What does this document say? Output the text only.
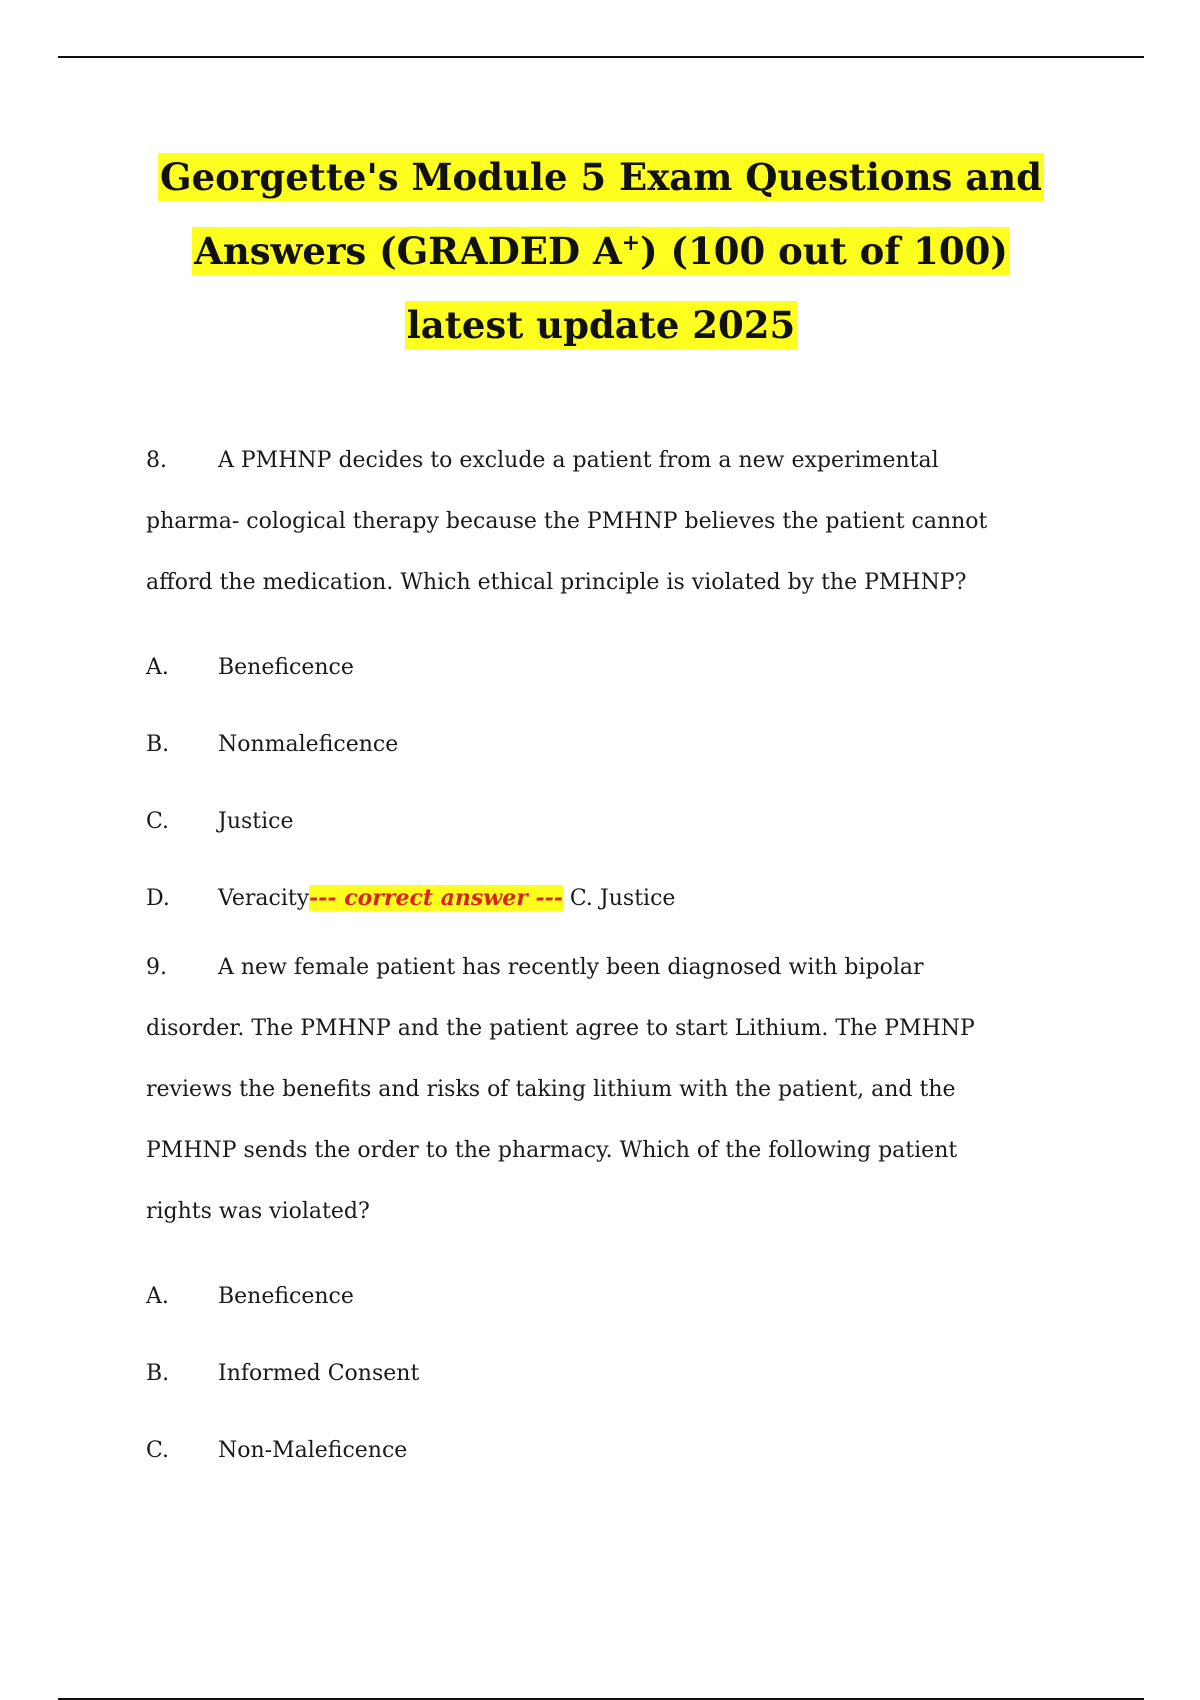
Georgette's Module 5 Exam Questions and
Answers (GRADED A+) (100 out of 100)
latest update 2025

8. A PMHNP decides to exclude a patient from a new experimental

pharma- cological therapy because the PMHNP believes the patient cannot

afford the medication. Which ethical principle is violated by the PMHNP?

A. Beneficence
B. Nonmaleficence
C. Justice
D. Veracity--- correct answer --- C. Justice

9. A new female patient has recently been diagnosed with bipolar

disorder. The PMHNP and the patient agree to start Lithium. The PMHNP

reviews the benefits and risks of taking lithium with the patient, and the

PMHNP sends the order to the pharmacy. Which of the following patient

rights was violated?

A. Beneficence
B. Informed Consent
C. Non-Maleficence
